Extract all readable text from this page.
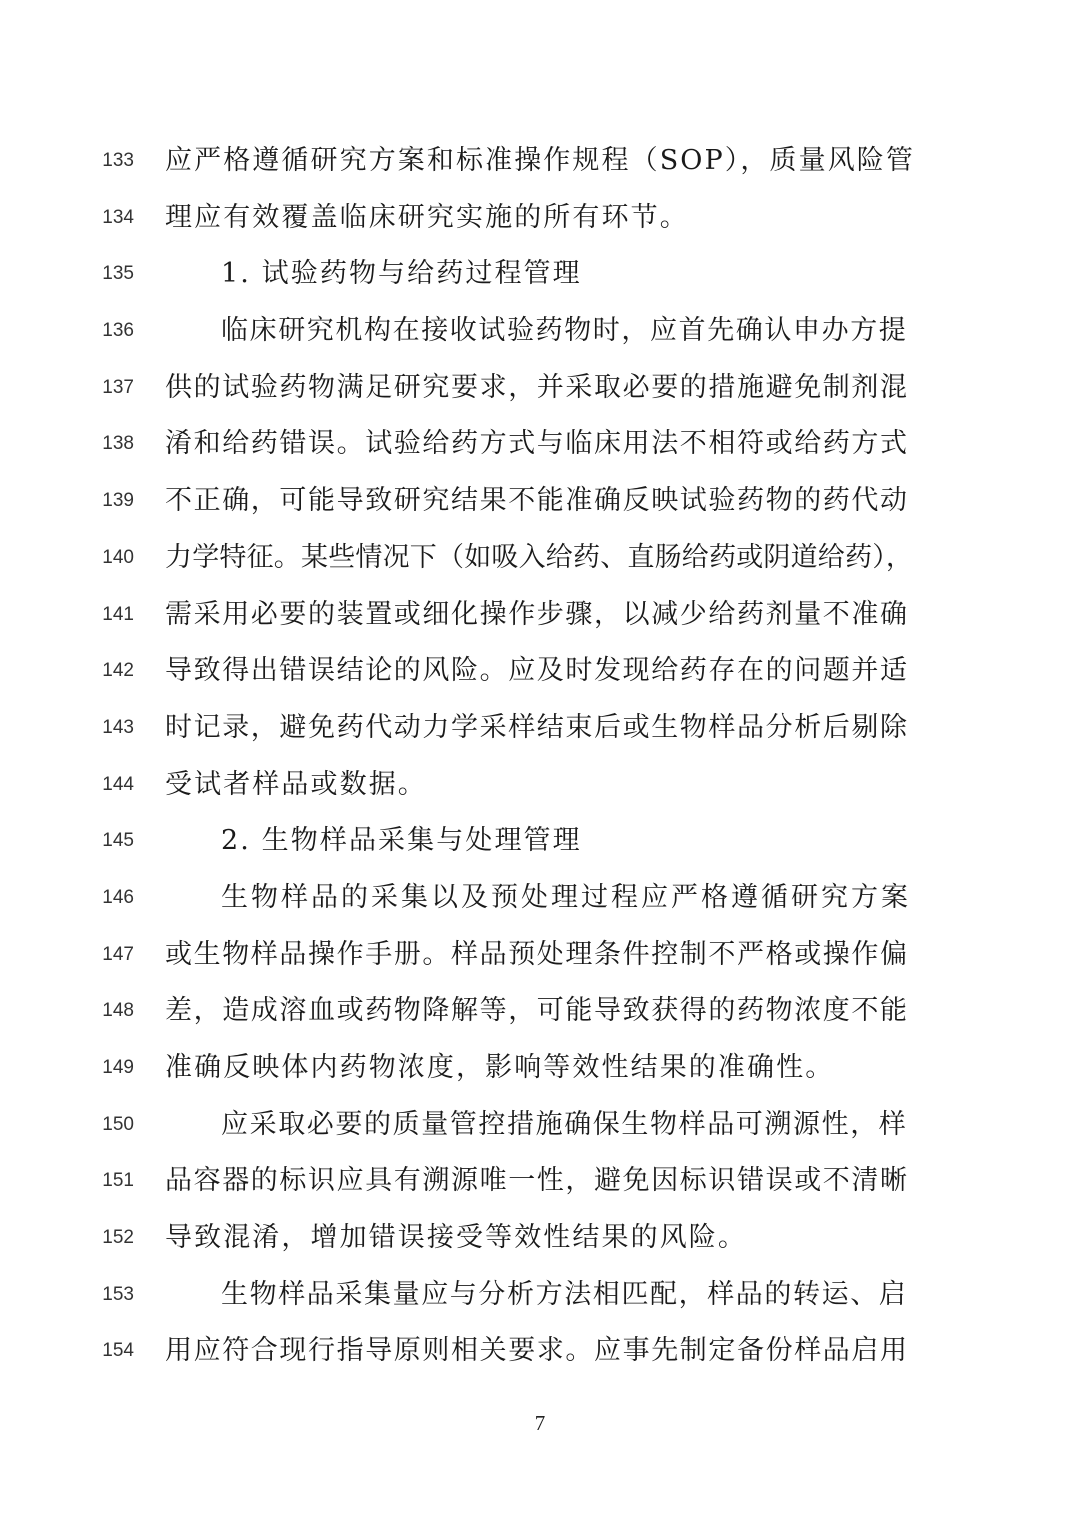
133 应严格遵循研究方案和标准操作规程（SOP），质量风险管
134 理应有效覆盖临床研究实施的所有环节。
135	1. 试验药物与给药过程管理
136	临床研究机构在接收试验药物时，应首先确认申办方提
137 供的试验药物满足研究要求，并采取必要的措施避免制剂混
138 淆和给药错误。试验给药方式与临床用法不相符或给药方式
139 不正确，可能导致研究结果不能准确反映试验药物的药代动
140 力学特征。某些情况下（如吸入给药、直肠给药或阴道给药），
141 需采用必要的装置或细化操作步骤，以减少给药剂量不准确
142 导致得出错误结论的风险。应及时发现给药存在的问题并适
143 时记录，避免药代动力学采样结束后或生物样品分析后剔除
144 受试者样品或数据。
145	2. 生物样品采集与处理管理
146	生物样品的采集以及预处理过程应严格遵循研究方案
147 或生物样品操作手册。样品预处理条件控制不严格或操作偏
148 差，造成溶血或药物降解等，可能导致获得的药物浓度不能
149 准确反映体内药物浓度，影响等效性结果的准确性。
150	应采取必要的质量管控措施确保生物样品可溯源性，样
151 品容器的标识应具有溯源唯一性，避免因标识错误或不清晰
152 导致混淆，增加错误接受等效性结果的风险。
153	生物样品采集量应与分析方法相匹配，样品的转运、启
154 用应符合现行指导原则相关要求。应事先制定备份样品启用
7
